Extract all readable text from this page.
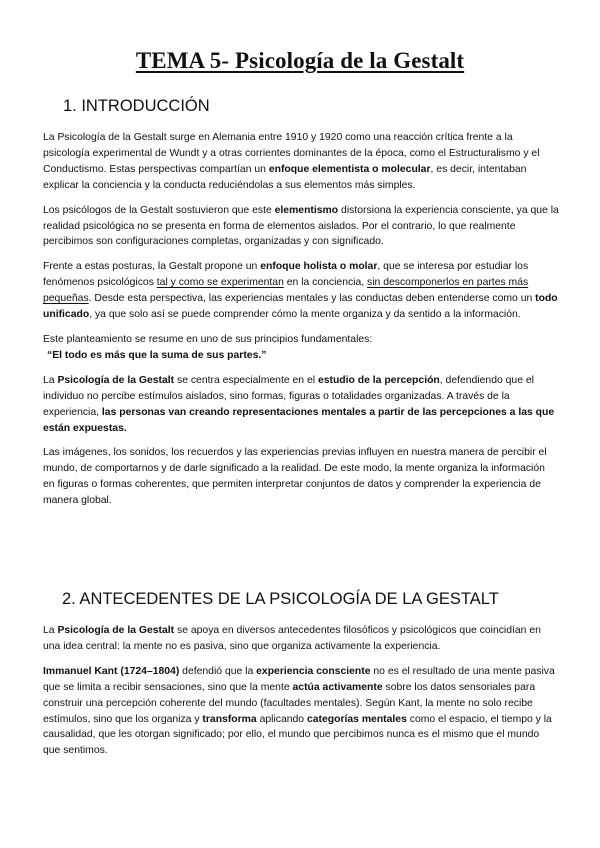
TEMA 5- Psicología de la Gestalt
1. INTRODUCCIÓN

La Psicología de la Gestalt surge en Alemania entre 1910 y 1920 como una reacción crítica frente a la psicología experimental de Wundt y a otras corrientes dominantes de la época, como el Estructuralismo y el Conductismo. Estas perspectivas compartían un enfoque elementista o molecular, es decir, intentaban explicar la conciencia y la conducta reduciéndolas a sus elementos más simples.

Los psicólogos de la Gestalt sostuvieron que este elementismo distorsiona la experiencia consciente, ya que la realidad psicológica no se presenta en forma de elementos aislados. Por el contrario, lo que realmente percibimos son configuraciones completas, organizadas y con significado.

Frente a estas posturas, la Gestalt propone un enfoque holista o molar, que se interesa por estudiar los fenómenos psicológicos tal y como se experimentan en la conciencia, sin descomponerlos en partes más pequeñas. Desde esta perspectiva, las experiencias mentales y las conductas deben entenderse como un todo unificado, ya que solo así se puede comprender cómo la mente organiza y da sentido a la información.

Este planteamiento se resume en uno de sus principios fundamentales:
“El todo es más que la suma de sus partes.”

La Psicología de la Gestalt se centra especialmente en el estudio de la percepción, defendiendo que el individuo no percibe estímulos aislados, sino formas, figuras o totalidades organizadas. A través de la experiencia, las personas van creando representaciones mentales a partir de las percepciones a las que están expuestas.

Las imágenes, los sonidos, los recuerdos y las experiencias previas influyen en nuestra manera de percibir el mundo, de comportarnos y de darle significado a la realidad. De este modo, la mente organiza la información en figuras o formas coherentes, que permiten interpretar conjuntos de datos y comprender la experiencia de manera global.

2. ANTECEDENTES DE LA PSICOLOGÍA DE LA GESTALT

La Psicología de la Gestalt se apoya en diversos antecedentes filosóficos y psicológicos que coincidían en una idea central: la mente no es pasiva, sino que organiza activamente la experiencia.

Immanuel Kant (1724–1804) defendió que la experiencia consciente no es el resultado de una mente pasiva que se limita a recibir sensaciones, sino que la mente actúa activamente sobre los datos sensoriales para construir una percepción coherente del mundo (facultades mentales). Según Kant, la mente no solo recibe estímulos, sino que los organiza y transforma aplicando categorías mentales como el espacio, el tiempo y la causalidad, que les otorgan significado; por ello, el mundo que percibimos nunca es el mismo que el mundo que sentimos.
